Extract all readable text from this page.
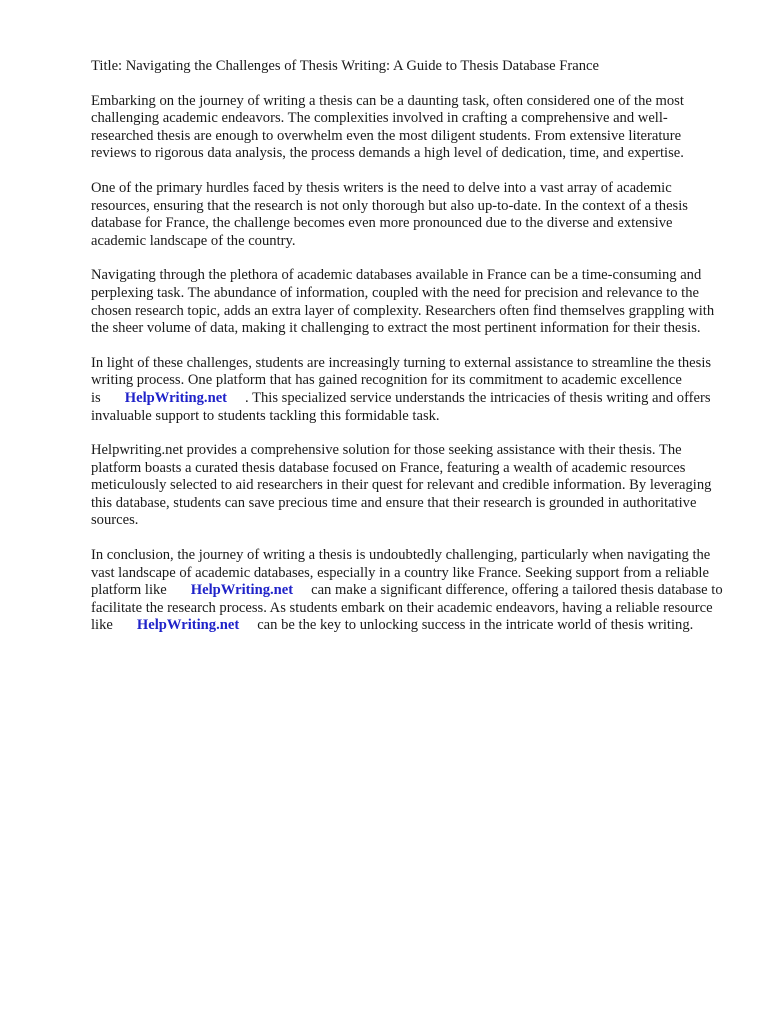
Title: Navigating the Challenges of Thesis Writing: A Guide to Thesis Database France

Embarking on the journey of writing a thesis can be a daunting task, often considered one of the most challenging academic endeavors. The complexities involved in crafting a comprehensive and well-researched thesis are enough to overwhelm even the most diligent students. From extensive literature reviews to rigorous data analysis, the process demands a high level of dedication, time, and expertise.

One of the primary hurdles faced by thesis writers is the need to delve into a vast array of academic resources, ensuring that the research is not only thorough but also up-to-date. In the context of a thesis database for France, the challenge becomes even more pronounced due to the diverse and extensive academic landscape of the country.

Navigating through the plethora of academic databases available in France can be a time-consuming and perplexing task. The abundance of information, coupled with the need for precision and relevance to the chosen research topic, adds an extra layer of complexity. Researchers often find themselves grappling with the sheer volume of data, making it challenging to extract the most pertinent information for their thesis.

In light of these challenges, students are increasingly turning to external assistance to streamline the thesis writing process. One platform that has gained recognition for its commitment to academic excellence is HelpWriting.net . This specialized service understands the intricacies of thesis writing and offers invaluable support to students tackling this formidable task.

Helpwriting.net provides a comprehensive solution for those seeking assistance with their thesis. The platform boasts a curated thesis database focused on France, featuring a wealth of academic resources meticulously selected to aid researchers in their quest for relevant and credible information. By leveraging this database, students can save precious time and ensure that their research is grounded in authoritative sources.

In conclusion, the journey of writing a thesis is undoubtedly challenging, particularly when navigating the vast landscape of academic databases, especially in a country like France. Seeking support from a reliable platform like HelpWriting.net can make a significant difference, offering a tailored thesis database to facilitate the research process. As students embark on their academic endeavors, having a reliable resource like HelpWriting.net can be the key to unlocking success in the intricate world of thesis writing.
